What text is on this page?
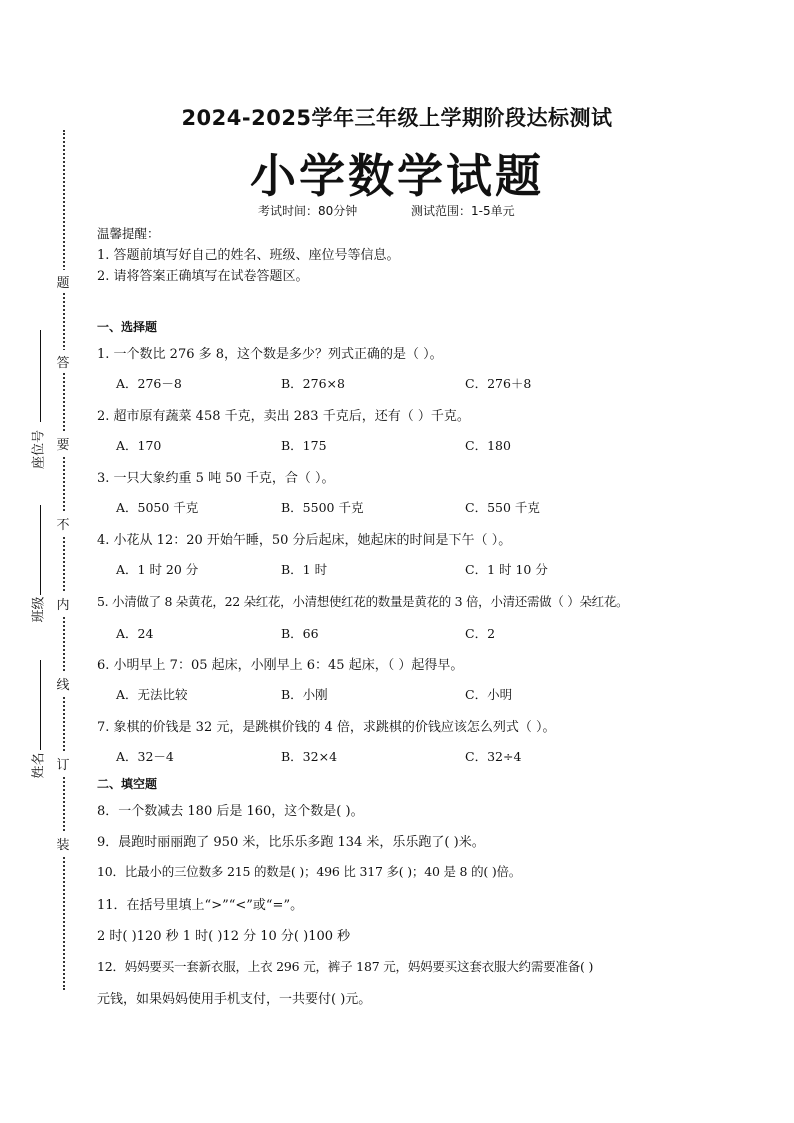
题
答
要
不
内
线
订
装
座位号
班级
姓名
2024-2025学年三年级上学期阶段达标测试
小学数学试题
考试时间：80分钟	测试范围：1-5单元
温馨提醒：
1. 答题前填写好自己的姓名、班级、座位号等信息。
2. 请将答案正确填写在试卷答题区。
一、选择题
1. 一个数比 276 多 8，这个数是多少？列式正确的是（ ）。
A．276－8	B．276×8	C．276＋8
2. 超市原有蔬菜 458 千克，卖出 283 千克后，还有（ ）千克。
A．170	B．175	C．180
3. 一只大象约重 5 吨 50 千克，合（ ）。
A．5050 千克	B．5500 千克	C．550 千克
4. 小花从 12：20 开始午睡，50 分后起床，她起床的时间是下午（ ）。
A．1 时 20 分	B．1 时	C．1 时 10 分
5. 小清做了 8 朵黄花，22 朵红花，小清想使红花的数量是黄花的 3 倍，小清还需做（ ）朵红花。
A．24	B．66	C．2
6. 小明早上 7：05 起床，小刚早上 6：45 起床，（ ）起得早。
A．无法比较	B．小刚	C．小明
7. 象棋的价钱是 32 元，是跳棋价钱的 4 倍，求跳棋的价钱应该怎么列式（ ）。
A．32－4	B．32×4	C．32÷4
二、填空题
8．一个数减去 180 后是 160，这个数是( )。
9．晨跑时丽丽跑了 950 米，比乐乐多跑 134 米，乐乐跑了( )米。
10．比最小的三位数多 215 的数是( )；496 比 317 多( )；40 是 8 的( )倍。
11．在括号里填上“>”“<”或“=”。
2 时( )120 秒 1 时( )12 分 10 分( )100 秒
12．妈妈要买一套新衣服，上衣 296 元，裤子 187 元，妈妈要买这套衣服大约需要准备( )
元钱，如果妈妈使用手机支付，一共要付( )元。
